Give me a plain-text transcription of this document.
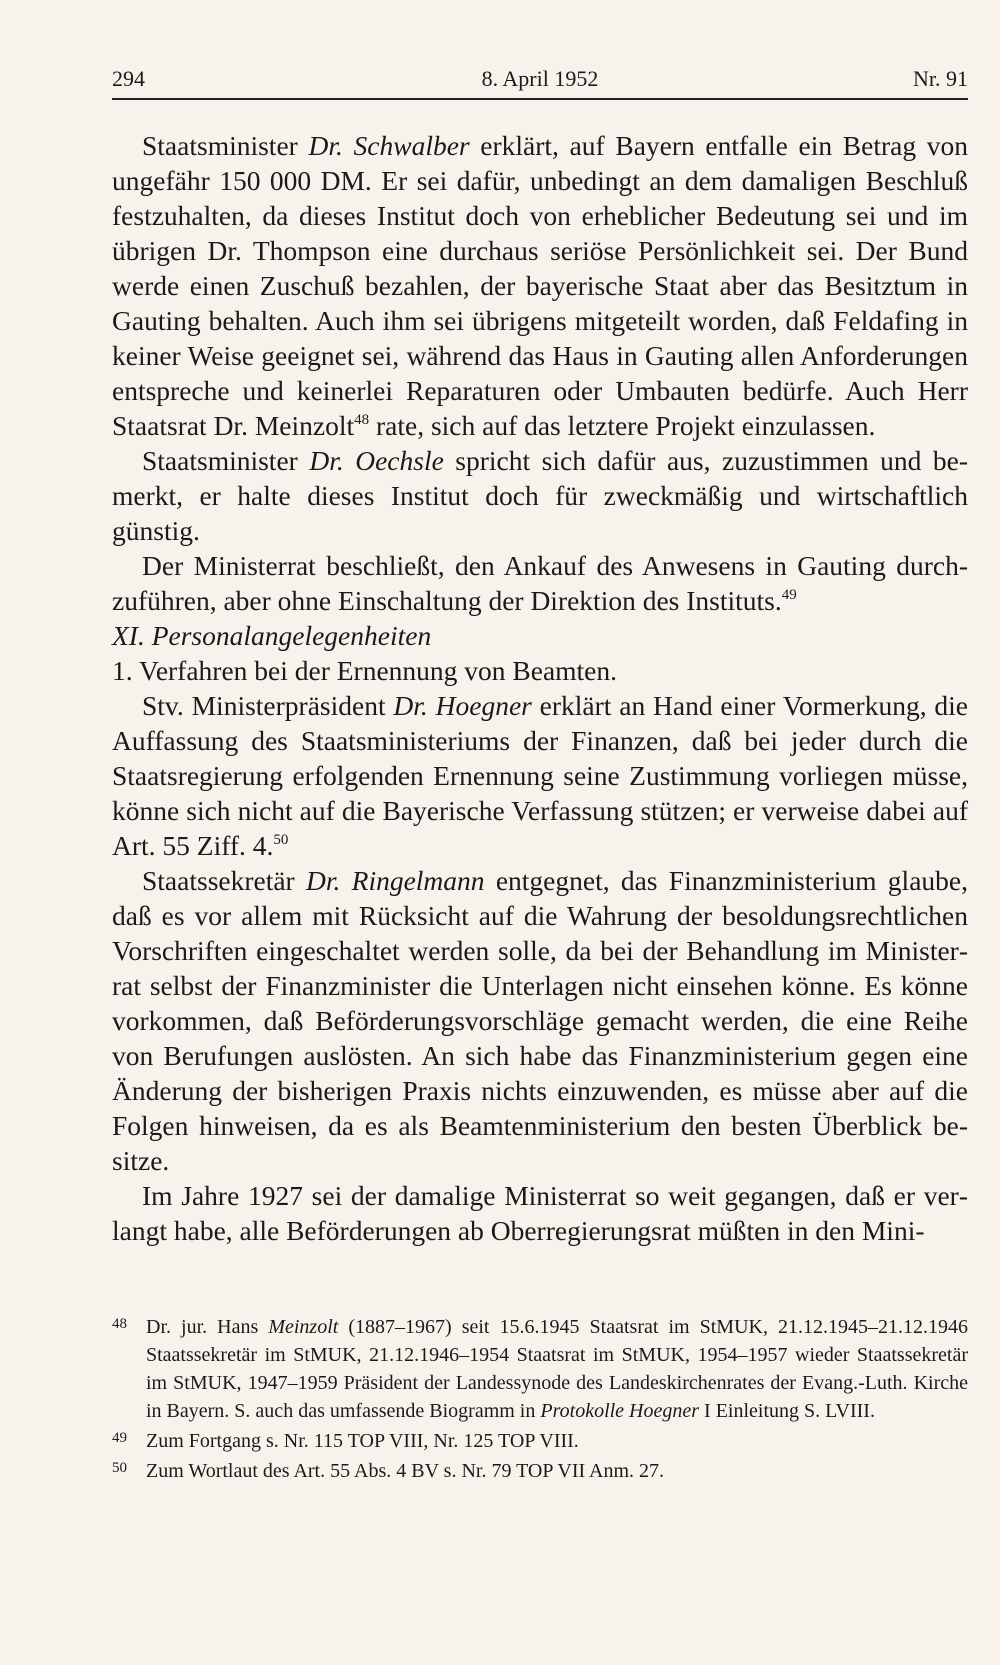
294	8. April 1952	Nr. 91

Staatsminister Dr. Schwalber erklärt, auf Bayern entfalle ein Betrag von ungefähr 150 000 DM. Er sei dafür, unbedingt an dem damaligen Beschluß festzuhalten, da dieses Institut doch von erheblicher Bedeutung sei und im übrigen Dr. Thompson eine durchaus seriöse Persönlichkeit sei. Der Bund werde einen Zuschuß bezahlen, der bayerische Staat aber das Besitztum in Gauting behalten. Auch ihm sei übrigens mitgeteilt worden, daß Feldafing in keiner Weise geeignet sei, während das Haus in Gauting allen Anforderungen entspreche und keinerlei Reparaturen oder Umbauten bedürfe. Auch Herr Staatsrat Dr. Meinzolt$^{48}$ rate, sich auf das letztere Projekt einzulassen.

Staatsminister Dr. Oechsle spricht sich dafür aus, zuzustimmen und bemerkt, er halte dieses Institut doch für zweckmäßig und wirtschaftlich günstig.

Der Ministerrat beschließt, den Ankauf des Anwesens in Gauting durchzuführen, aber ohne Einschaltung der Direktion des Instituts.$^{49}$

XI. Personalangelegenheiten
1. Verfahren bei der Ernennung von Beamten.

Stv. Ministerpräsident Dr. Hoegner erklärt an Hand einer Vormerkung, die Auffassung des Staatsministeriums der Finanzen, daß bei jeder durch die Staatsregierung erfolgenden Ernennung seine Zustimmung vorliegen müsse, könne sich nicht auf die Bayerische Verfassung stützen; er verweise dabei auf Art. 55 Ziff. 4.50

Staatssekretär Dr. Ringelmann entgegnet, das Finanzministerium glaube, daß es vor allem mit Rücksicht auf die Wahrung der besoldungsrechtlichen Vorschriften eingeschaltet werden solle, da bei der Behandlung im Ministerrat selbst der Finanzminister die Unterlagen nicht einsehen könne. Es könne vorkommen, daß Beförderungsvorschläge gemacht werden, die eine Reihe von Berufungen auslösten. An sich habe das Finanzministerium gegen eine Änderung der bisherigen Praxis nichts einzuwenden, es müsse aber auf die Folgen hinweisen, da es als Beamtenministerium den besten Überblick besitze.

Im Jahre 1927 sei der damalige Ministerrat so weit gegangen, daß er verlangt habe, alle Beförderungen ab Oberregierungsrat müßten in den Mini-

48 Dr. jur. Hans Meinzolt (1887–1967) seit 15.6.1945 Staatsrat im StMUK, 21.12.1945–21.12.1946 Staatssekretär im StMUK, 21.12.1946–1954 Staatsrat im StMUK, 1954–1957 wieder Staatssekretär im StMUK, 1947–1959 Präsident der Landessynode des Landeskirchenrates der Evang.-Luth. Kirche in Bayern. S. auch das umfassende Biogramm in Protokolle Hoegner I Einleitung S. LVIII.

49 Zum Fortgang s. Nr. 115 TOP VIII, Nr. 125 TOP VIII.

50 Zum Wortlaut des Art. 55 Abs. 4 BV s. Nr. 79 TOP VII Anm. 27.
